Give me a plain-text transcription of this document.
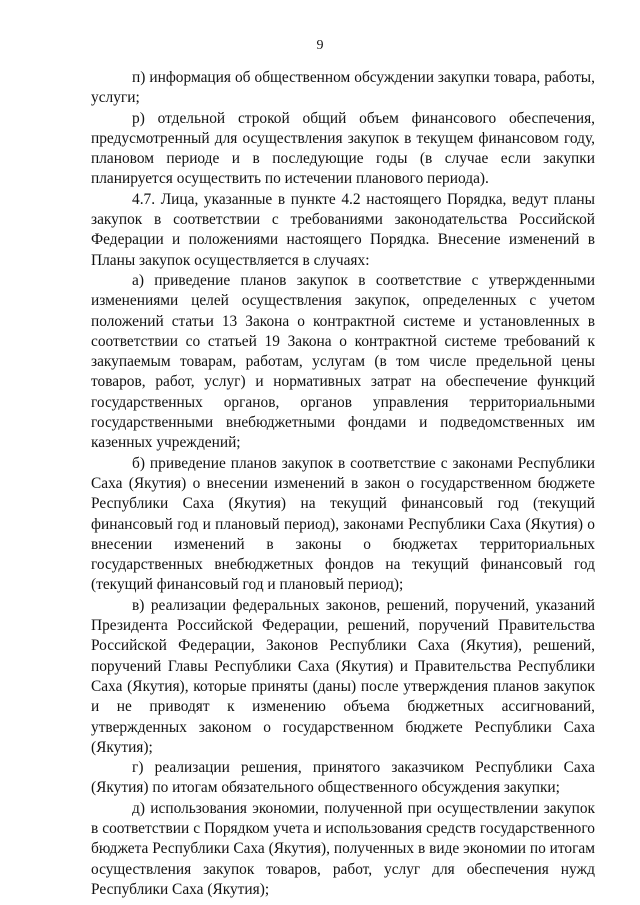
9

п) информация об общественном обсуждении закупки товара, работы, услуги;

р) отдельной строкой общий объем финансового обеспечения, предусмотренный для осуществления закупок в текущем финансовом году, плановом периоде и в последующие годы (в случае если закупки планируется осуществить по истечении планового периода).

4.7. Лица, указанные в пункте 4.2 настоящего Порядка, ведут планы закупок в соответствии с требованиями законодательства Российской Федерации и положениями настоящего Порядка. Внесение изменений в Планы закупок осуществляется в случаях:

а) приведение планов закупок в соответствие с утвержденными изменениями целей осуществления закупок, определенных с учетом положений статьи 13 Закона о контрактной системе и установленных в соответствии со статьей 19 Закона о контрактной системе требований к закупаемым товарам, работам, услугам (в том числе предельной цены товаров, работ, услуг) и нормативных затрат на обеспечение функций государственных органов, органов управления территориальными государственными внебюджетными фондами и подведомственных им казенных учреждений;

б) приведение планов закупок в соответствие с законами Республики Саха (Якутия) о внесении изменений в закон о государственном бюджете Республики Саха (Якутия) на текущий финансовый год (текущий финансовый год и плановый период), законами Республики Саха (Якутия) о внесении изменений в законы о бюджетах территориальных государственных внебюджетных фондов на текущий финансовый год (текущий финансовый год и плановый период);

в) реализации федеральных законов, решений, поручений, указаний Президента Российской Федерации, решений, поручений Правительства Российской Федерации, Законов Республики Саха (Якутия), решений, поручений Главы Республики Саха (Якутия) и Правительства Республики Саха (Якутия), которые приняты (даны) после утверждения планов закупок и не приводят к изменению объема бюджетных ассигнований, утвержденных законом о государственном бюджете Республики Саха (Якутия);

г) реализации решения, принятого заказчиком Республики Саха (Якутия) по итогам обязательного общественного обсуждения закупки;

д) использования экономии, полученной при осуществлении закупок в соответствии с Порядком учета и использования средств государственного бюджета Республики Саха (Якутия), полученных в виде экономии по итогам осуществления закупок товаров, работ, услуг для обеспечения нужд Республики Саха (Якутия);
